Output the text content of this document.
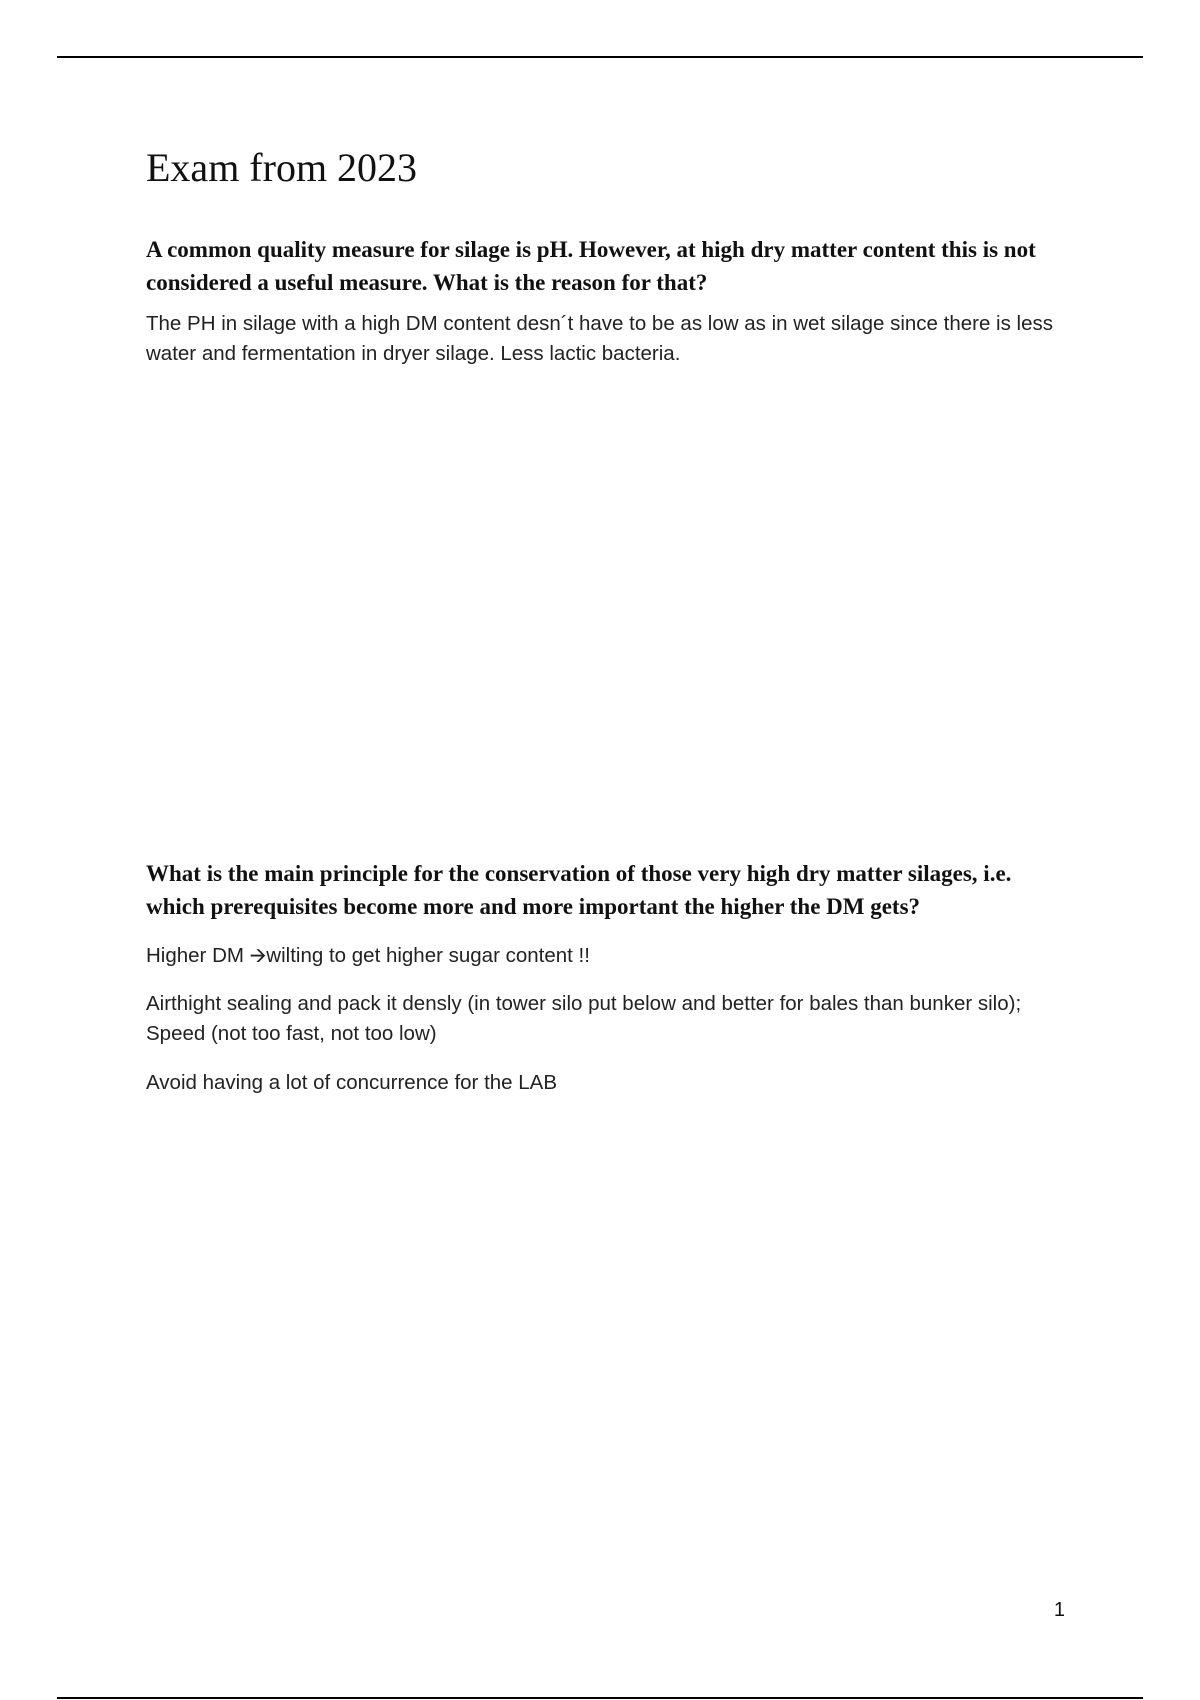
Exam from 2023

A common quality measure for silage is pH. However, at high dry matter content this is not considered a useful measure. What is the reason for that?

The PH in silage with a high DM content desn´t have to be as low as in wet silage since there is less water and fermentation in dryer silage. Less lactic bacteria.

What is the main principle for the conservation of those very high dry matter silages, i.e. which prerequisites become more and more important the higher the DM gets?

Higher DM 🡪wilting to get higher sugar content !!

Airthight sealing and pack it densly (in tower silo put below and better for bales than bunker silo); Speed (not too fast, not too low)

Avoid having a lot of concurrence for the LAB

1
